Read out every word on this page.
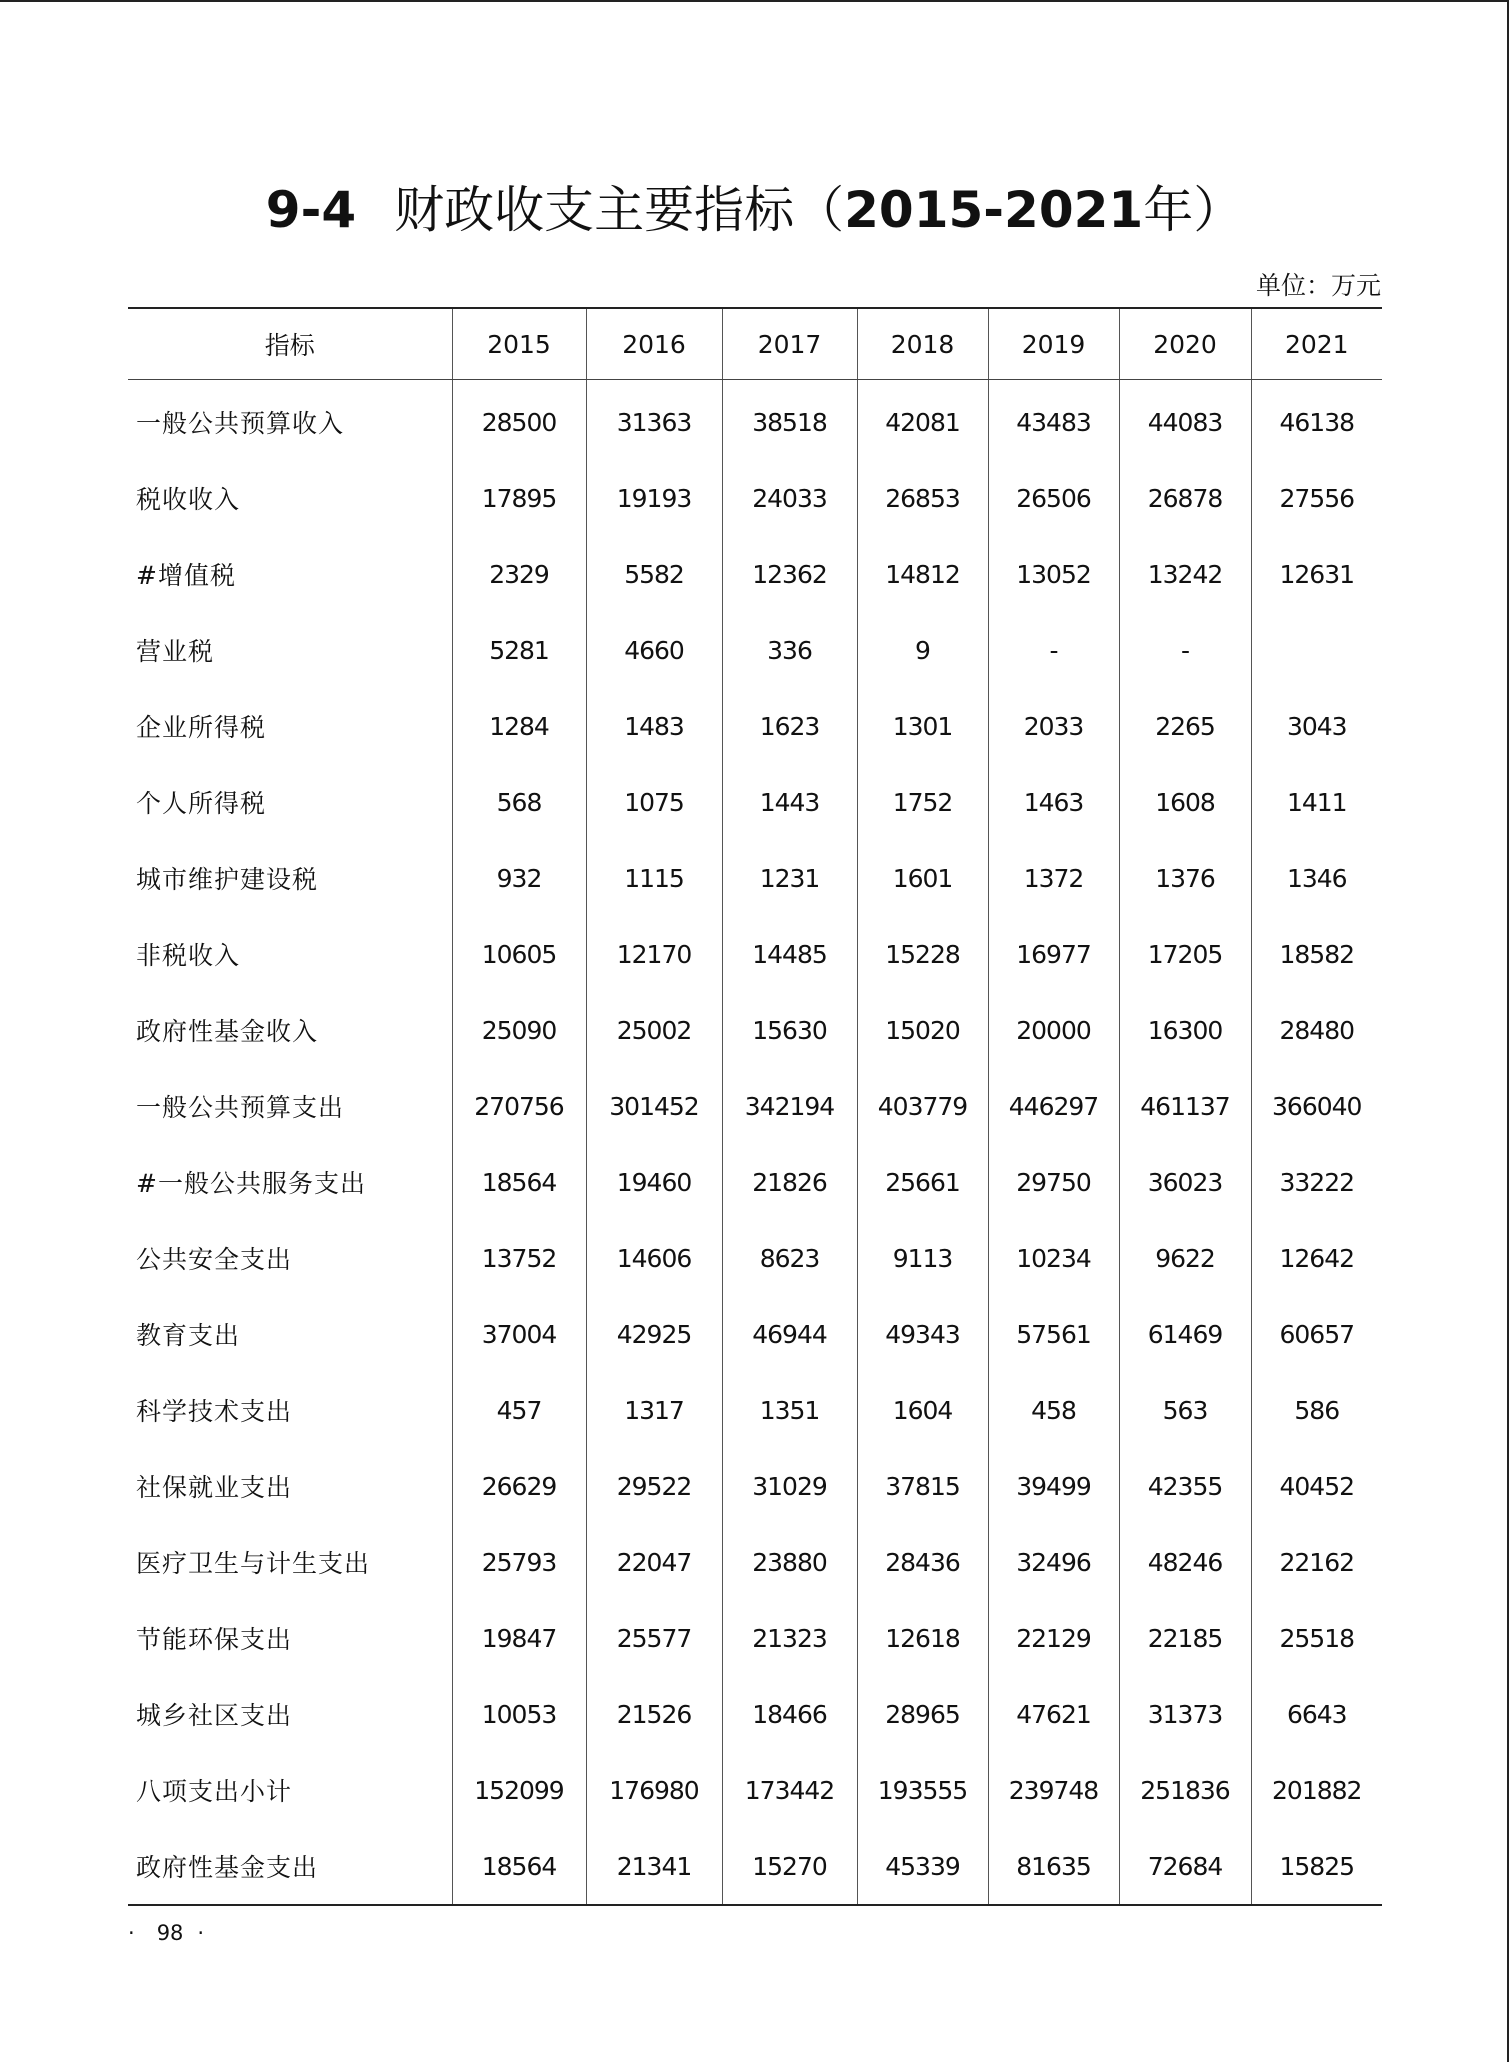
9-4 财政收支主要指标（2015-2021年）
单位：万元
指标	2015	2016	2017	2018	2019	2020	2021
一般公共预算收入	28500	31363	38518	42081	43483	44083	46138
税收收入	17895	19193	24033	26853	26506	26878	27556
#增值税	2329	5582	12362	14812	13052	13242	12631
营业税	5281	4660	336	9	-	-	
企业所得税	1284	1483	1623	1301	2033	2265	3043
个人所得税	568	1075	1443	1752	1463	1608	1411
城市维护建设税	932	1115	1231	1601	1372	1376	1346
非税收入	10605	12170	14485	15228	16977	17205	18582
政府性基金收入	25090	25002	15630	15020	20000	16300	28480
一般公共预算支出	270756	301452	342194	403779	446297	461137	366040
#一般公共服务支出	18564	19460	21826	25661	29750	36023	33222
公共安全支出	13752	14606	8623	9113	10234	9622	12642
教育支出	37004	42925	46944	49343	57561	61469	60657
科学技术支出	457	1317	1351	1604	458	563	586
社保就业支出	26629	29522	31029	37815	39499	42355	40452
医疗卫生与计生支出	25793	22047	23880	28436	32496	48246	22162
节能环保支出	19847	25577	21323	12618	22129	22185	25518
城乡社区支出	10053	21526	18466	28965	47621	31373	6643
八项支出小计	152099	176980	173442	193555	239748	251836	201882
政府性基金支出	18564	21341	15270	45339	81635	72684	15825
· 98 ·
